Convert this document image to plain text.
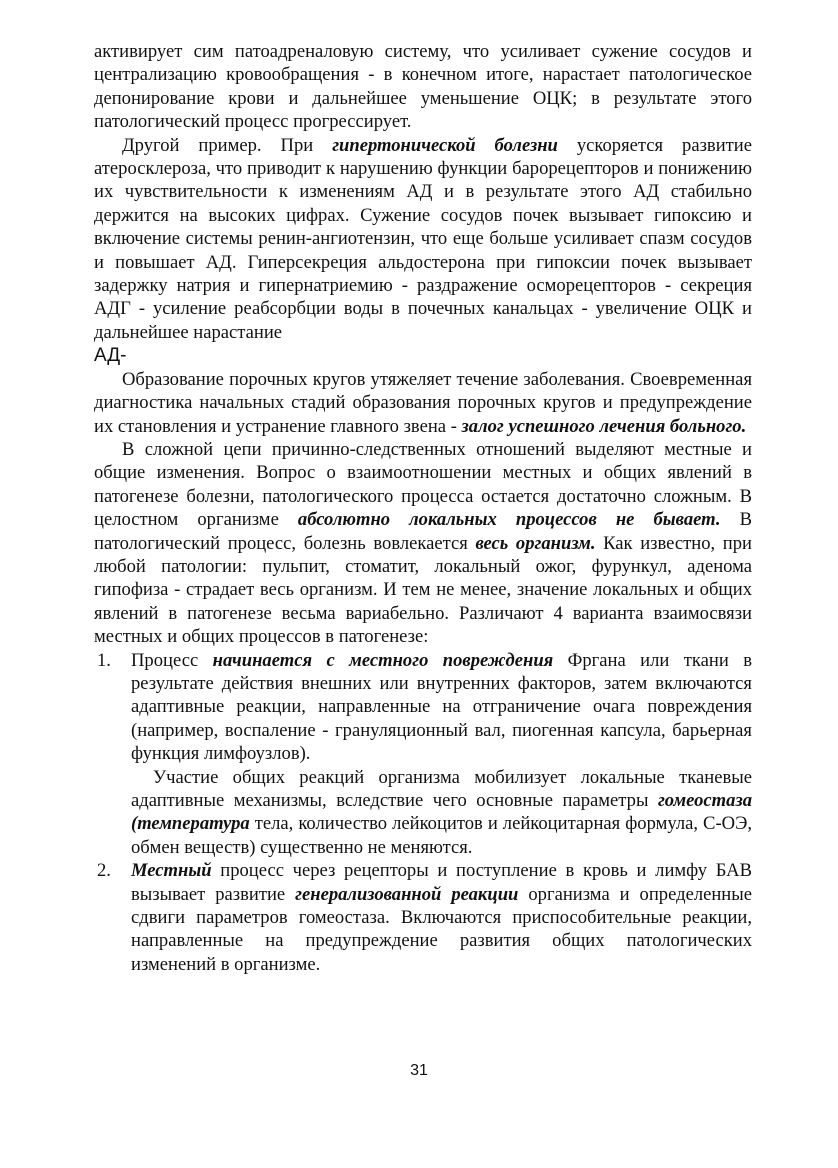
активирует сим патоадреналовую систему, что усиливает сужение сосудов и централизацию кровообращения - в конечном итоге, нарастает патологическое депонирование крови и дальнейшее уменьшение ОЦК; в результате этого патологический процесс прогрессирует.

Другой пример. При гипертонической болезни ускоряется развитие атеросклероза, что приводит к нарушению функции барорецепторов и понижению их чувствительности к изменениям АД и в результате этого АД стабильно держится на высоких цифрах. Сужение сосудов почек вызывает гипоксию и включение системы ренин-ангиотензин, что еще больше усиливает спазм сосудов и повышает АД. Гиперсекреция альдостерона при гипоксии почек вызывает задержку натрия и гипернатриемию - раздражение осморецепторов - секреция АДГ - усиление реабсорбции воды в почечных канальцах - увеличение ОЦК и дальнейшее нарастание

АД-

Образование порочных кругов утяжеляет течение заболевания. Своевременная диагностика начальных стадий образования порочных кругов и предупреждение их становления и устранение главного звена - залог успешного лечения больного.

В сложной цепи причинно-следственных отношений выделяют местные и общие изменения. Вопрос о взаимоотношении местных и общих явлений в патогенезе болезни, патологического процесса остается достаточно сложным. В целостном организме абсолютно локальных процессов не бывает. В патологический процесс, болезнь вовлекается весь организм. Как известно, при любой патологии: пульпит, стоматит, локальный ожог, фурункул, аденома гипофиза - страдает весь организм. И тем не менее, значение локальных и общих явлений в патогенезе весьма вариабельно. Различают 4 варианта взаимосвязи местных и общих процессов в патогенезе:

1. Процесс начинается с местного повреждения Фргана или ткани в результате действия внешних или внутренних факторов, затем включаются адаптивные реакции, направленные на отграничение очага повреждения (например, воспаление - грануляционный вал, пиогенная капсула, барьерная функция лимфоузлов).

Участие общих реакций организма мобилизует локальные тканевые адаптивные механизмы, вследствие чего основные параметры гомеостаза (температура тела, количество лейкоцитов и лейкоцитарная формула, С-ОЭ, обмен веществ) существенно не меняются.

2. Местный процесс через рецепторы и поступление в кровь и лимфу БАВ вызывает развитие генерализованной реакции организма и определенные сдвиги параметров гомеостаза. Включаются приспособительные реакции, направленные на предупреждение развития общих патологических изменений в организме.
31
